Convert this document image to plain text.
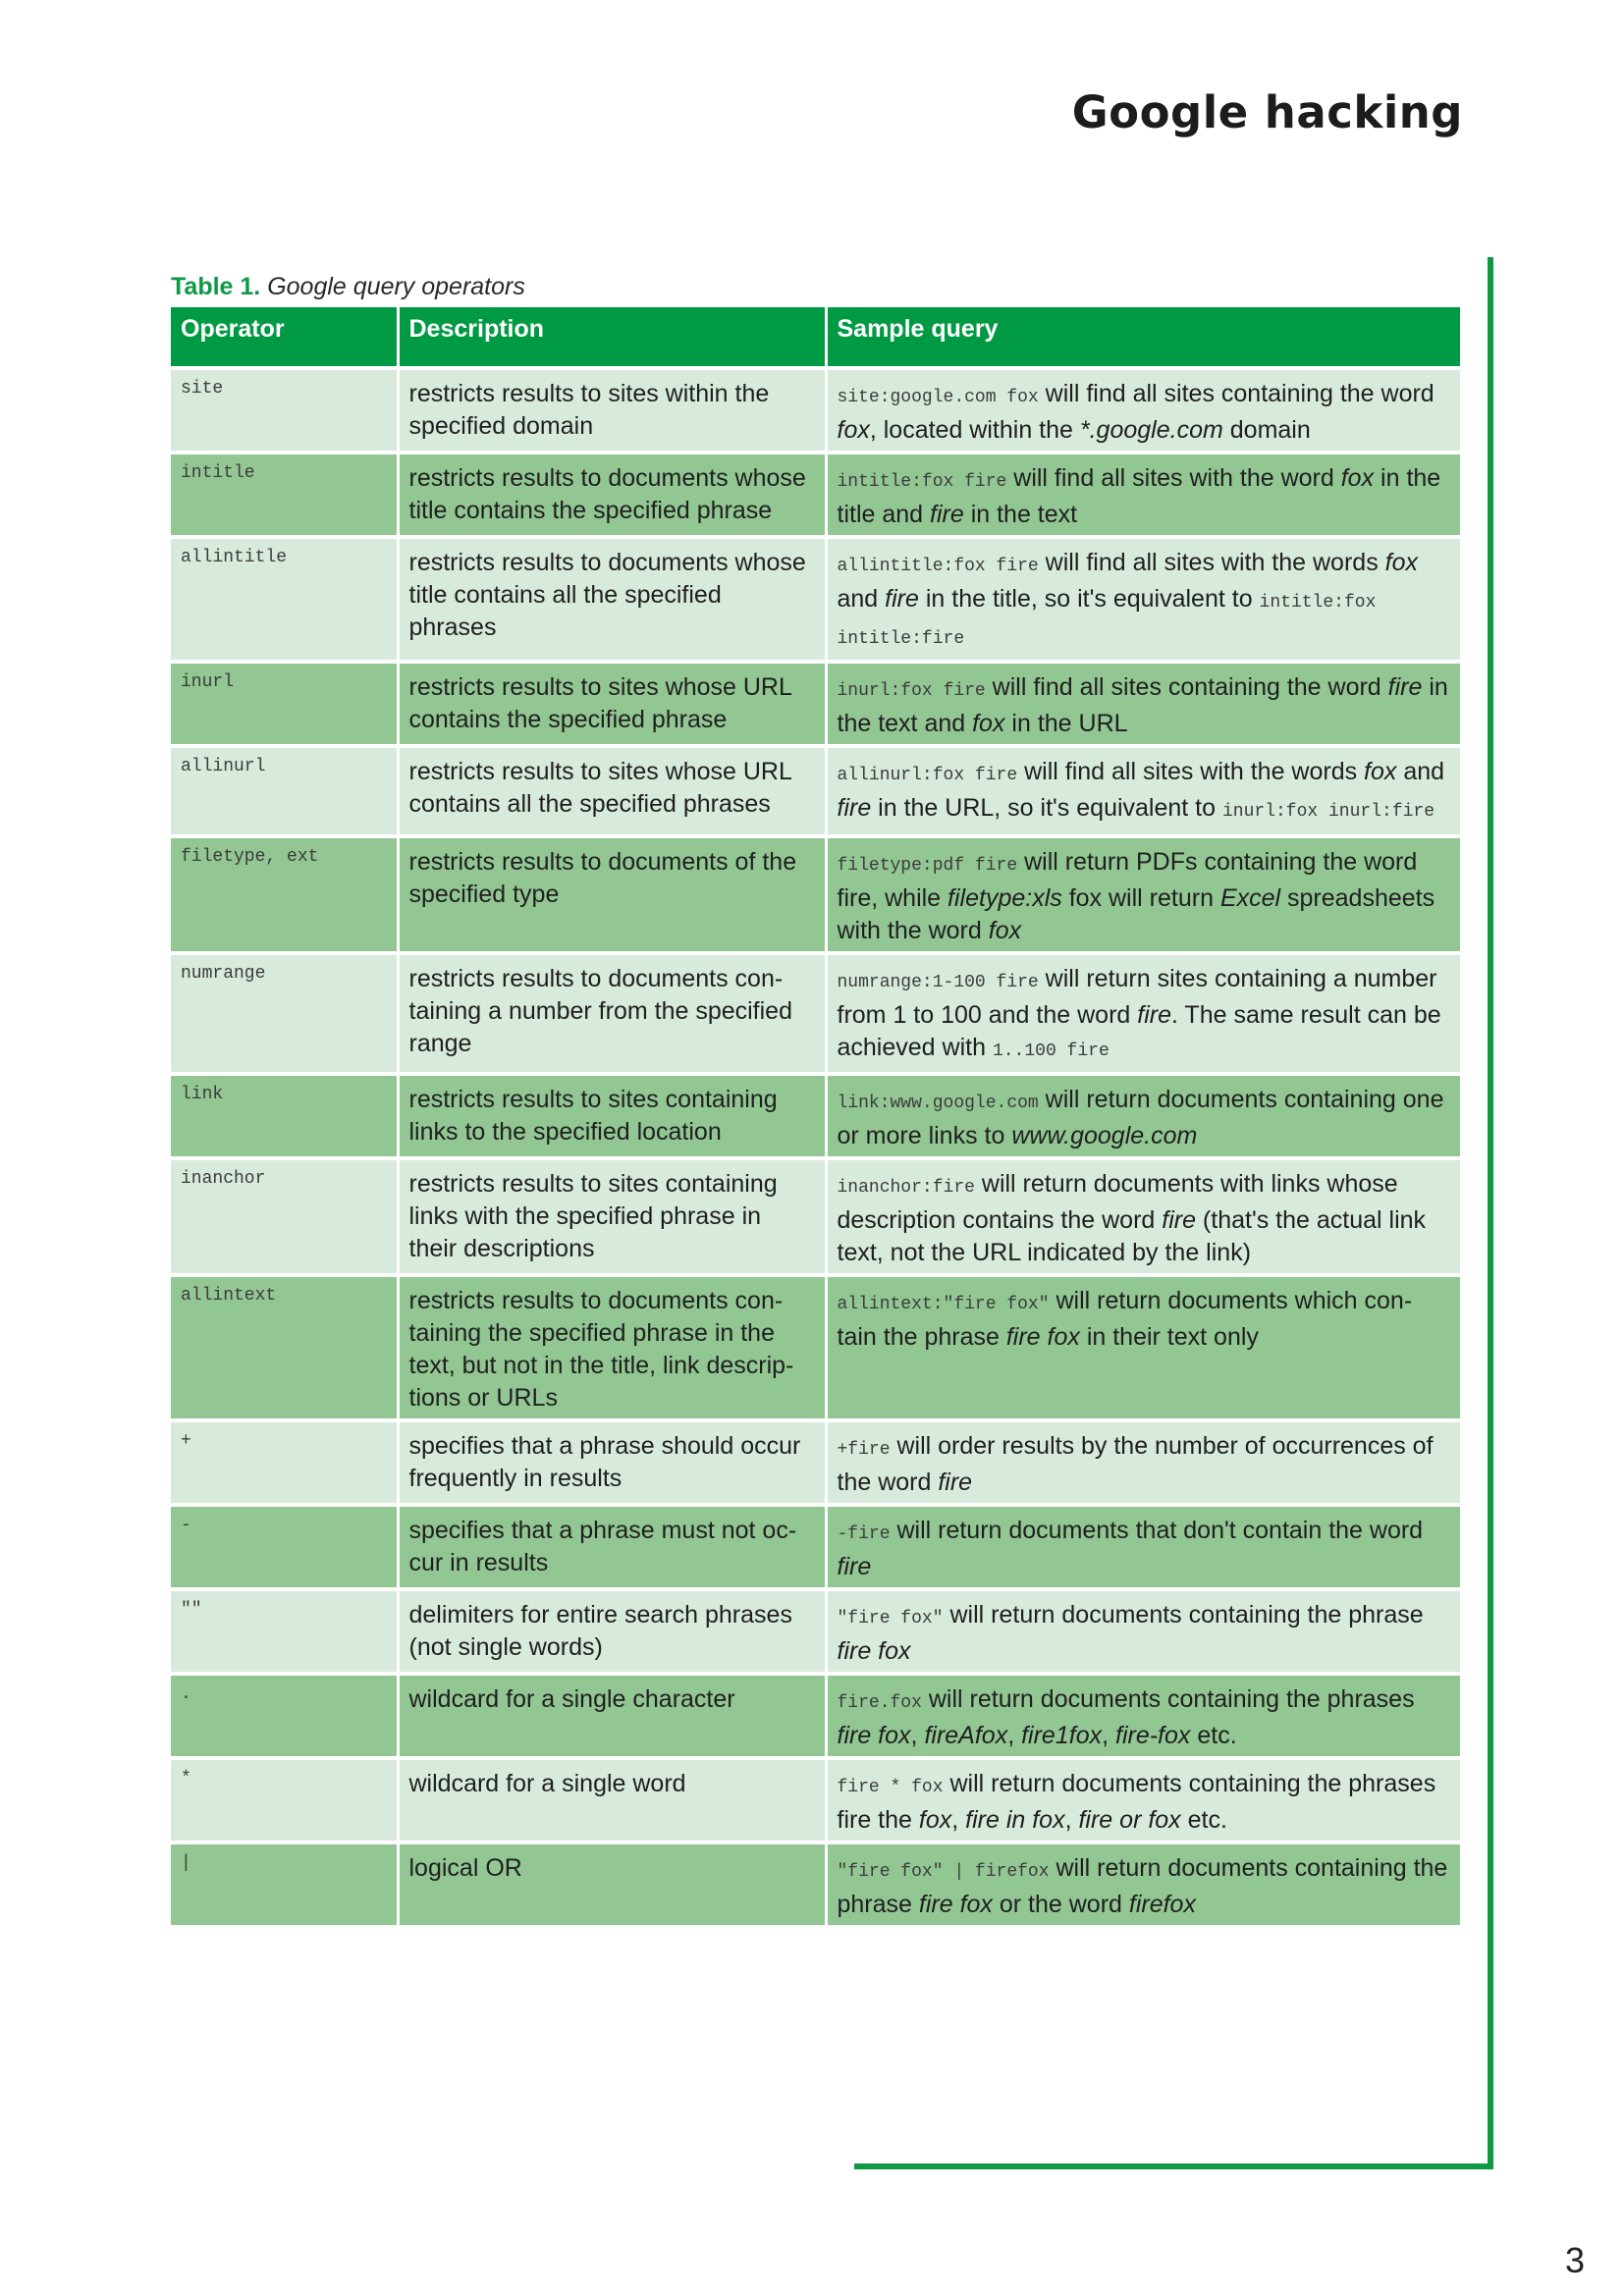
Google hacking
Table 1. Google query operators
Operator	Description	Sample query
site	restricts results to sites within the specified domain	site:google.com fox will find all sites containing the word fox, located within the *.google.com domain
intitle	restricts results to documents whose title contains the specified phrase	intitle:fox fire will find all sites with the word fox in the title and fire in the text
allintitle	restricts results to documents whose title contains all the specified phrases	allintitle:fox fire will find all sites with the words fox and fire in the title, so it's equivalent to intitle:fox intitle:fire
inurl	restricts results to sites whose URL contains the specified phrase	inurl:fox fire will find all sites containing the word fire in the text and fox in the URL
allinurl	restricts results to sites whose URL contains all the specified phrases	allinurl:fox fire will find all sites with the words fox and fire in the URL, so it's equivalent to inurl:fox inurl:fire
filetype, ext	restricts results to documents of the specified type	filetype:pdf fire will return PDFs containing the word fire, while filetype:xls fox will return Excel spreadsheets with the word fox
numrange	restricts results to documents con-taining a number from the specified range	numrange:1-100 fire will return sites containing a number from 1 to 100 and the word fire. The same result can be achieved with 1..100 fire
link	restricts results to sites containing links to the specified location	link:www.google.com will return documents containing one or more links to www.google.com
inanchor	restricts results to sites containing links with the specified phrase in their descriptions	inanchor:fire will return documents with links whose description contains the word fire (that's the actual link text, not the URL indicated by the link)
allintext	restricts results to documents con-taining the specified phrase in the text, but not in the title, link descrip-tions or URLs	allintext:"fire fox" will return documents which con-tain the phrase fire fox in their text only
+	specifies that a phrase should occur frequently in results	+fire will order results by the number of occurrences of the word fire
-	specifies that a phrase must not oc-cur in results	-fire will return documents that don't contain the word fire
""	delimiters for entire search phrases (not single words)	"fire fox" will return documents containing the phrase fire fox
.	wildcard for a single character	fire.fox will return documents containing the phrases fire fox, fireAfox, fire1fox, fire-fox etc.
*	wildcard for a single word	fire * fox will return documents containing the phrases fire the fox, fire in fox, fire or fox etc.
|	logical OR	"fire fox" | firefox will return documents containing the phrase fire fox or the word firefox
3
